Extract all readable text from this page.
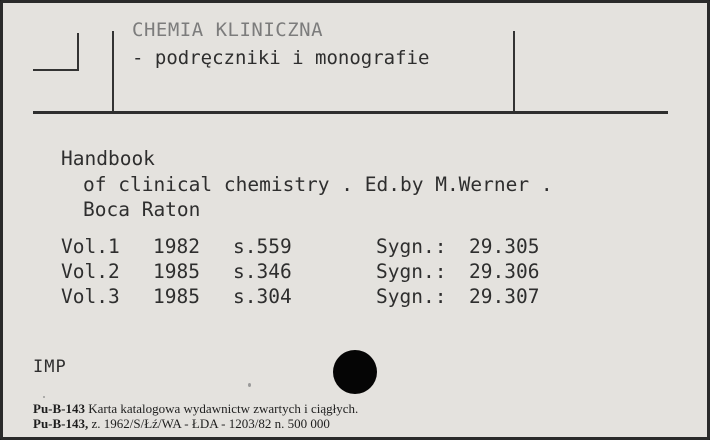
CHEMIA KLINICZNA
- podręczniki i monografie
Handbook
of clinical chemistry . Ed.by M.Werner .
Boca Raton
Vol.1 1982 s.559	Sygn.: 29.305
Vol.2 1985 s.346	Sygn.: 29.306
Vol.3 1985 s.304	Sygn.: 29.307
IMP
Pu-B-143 Karta katalogowa wydawnictw zwartych i ciągłych.
Pu-B-143, z. 1962/S/Łź/WA - ŁDA - 1203/82 n. 500 000
